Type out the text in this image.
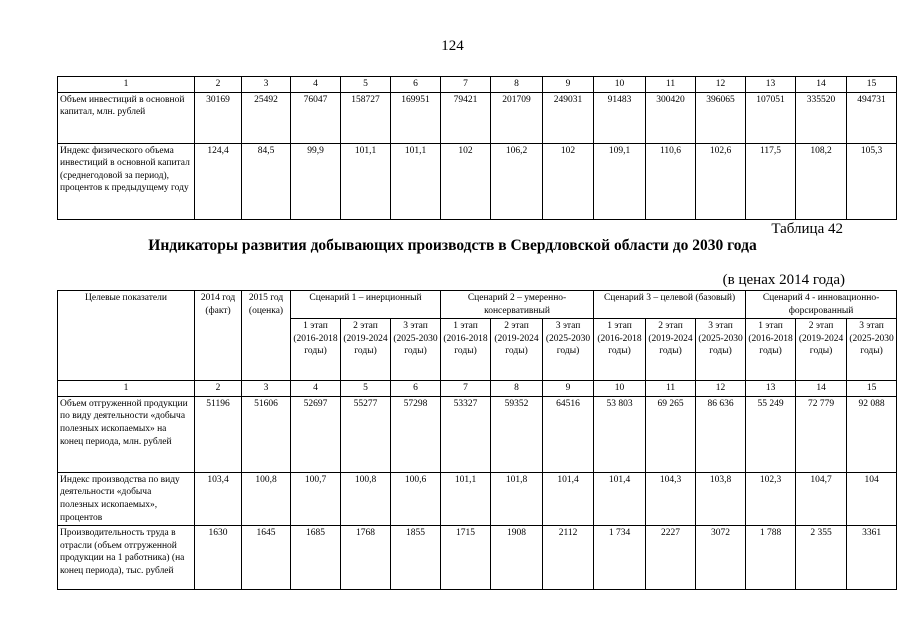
124
1	2	3	4	5	6	7	8	9	10	11	12	13	14	15
Объем инвестиций в основной капитал, млн. рублей	30169	25492	76047	158727	169951	79421	201709	249031	91483	300420	396065	107051	335520	494731
Индекс физического объема инвестиций в основной капитал (среднегодовой за период), процентов к предыдущему году	124,4	84,5	99,9	101,1	101,1	102	106,2	102	109,1	110,6	102,6	117,5	108,2	105,3
Таблица 42
Индикаторы развития добывающих производств в Свердловской области до 2030 года
(в ценах 2014 года)
Целевые показатели	2014 год (факт)	2015 год (оценка)	Сценарий 1 – инерционный			Сценарий 2 – умеренно-консервативный			Сценарий 3 – целевой (базовый)			Сценарий 4 - инновационно-форсированный		
			1 этап (2016-2018 годы)	2 этап (2019-2024 годы)	3 этап (2025-2030 годы)	1 этап (2016-2018 годы)	2 этап (2019-2024 годы)	3 этап (2025-2030 годы)	1 этап (2016-2018 годы)	2 этап (2019-2024 годы)	3 этап (2025-2030 годы)	1 этап (2016-2018 годы)	2 этап (2019-2024 годы)	3 этап (2025-2030 годы)
1	2	3	4	5	6	7	8	9	10	11	12	13	14	15
Объем отгруженной продукции по виду деятельности «добыча полезных ископаемых» на конец периода, млн. рублей	51196	51606	52697	55277	57298	53327	59352	64516	53 803	69 265	86 636	55 249	72 779	92 088
Индекс производства по виду деятельности «добыча полезных ископаемых», процентов	103,4	100,8	100,7	100,8	100,6	101,1	101,8	101,4	101,4	104,3	103,8	102,3	104,7	104
Производительность труда в отрасли (объем отгруженной продукции на 1 работника) (на конец периода), тыс. рублей	1630	1645	1685	1768	1855	1715	1908	2112	1 734	2227	3072	1 788	2 355	3361
